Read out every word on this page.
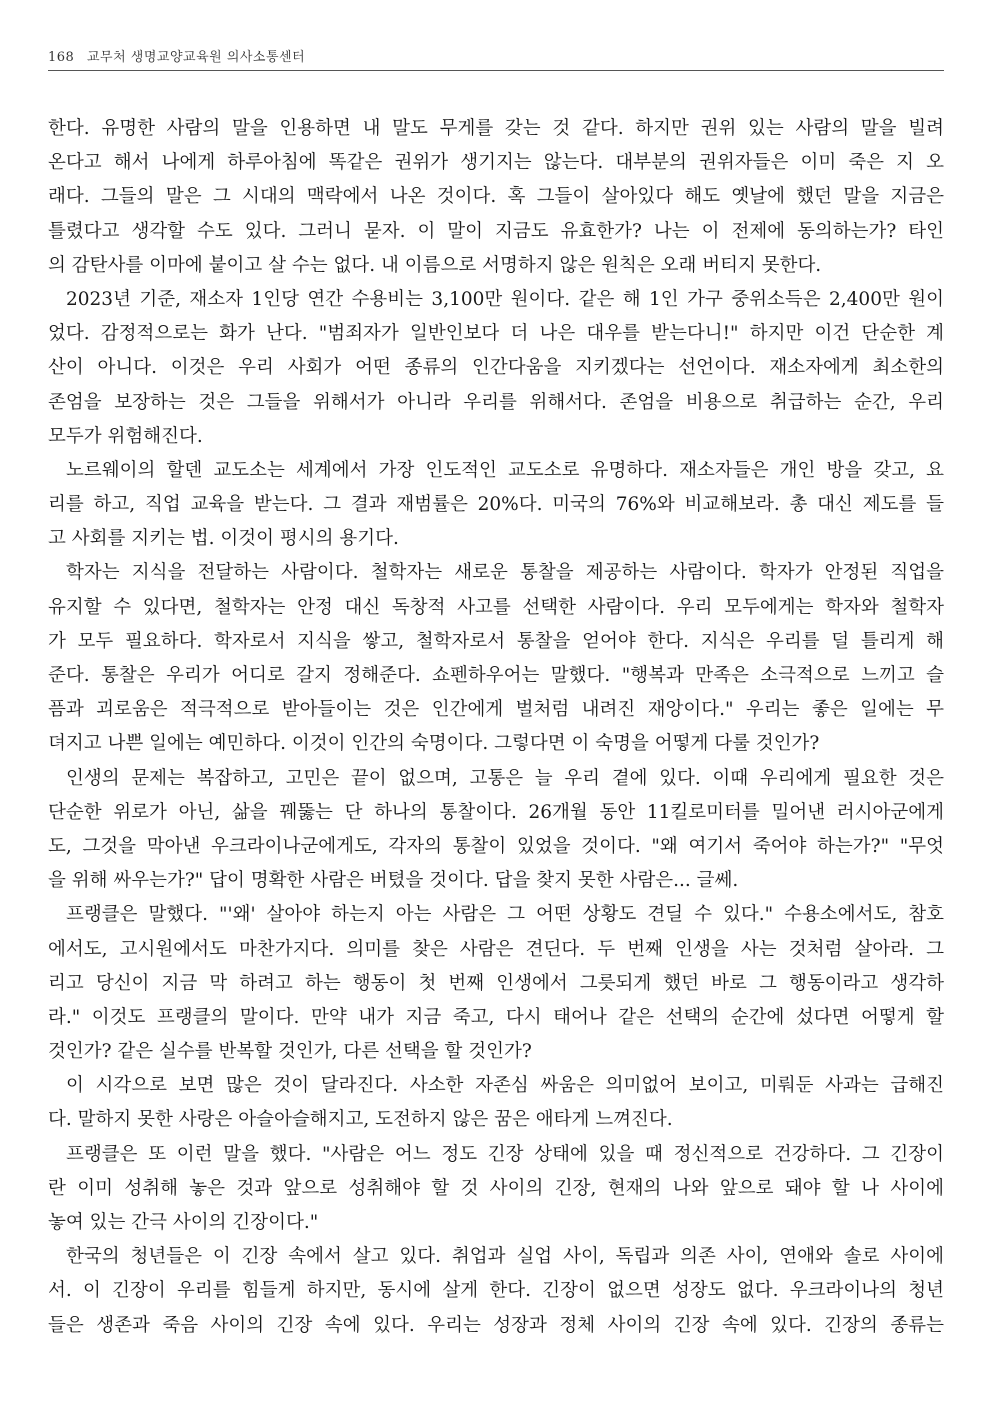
168 교무처 생명교양교육원 의사소통센터
한다. 유명한 사람의 말을 인용하면 내 말도 무게를 갖는 것 같다. 하지만 권위 있는 사람의 말을 빌려
온다고 해서 나에게 하루아침에 똑같은 권위가 생기지는 않는다. 대부분의 권위자들은 이미 죽은 지 오
래다. 그들의 말은 그 시대의 맥락에서 나온 것이다. 혹 그들이 살아있다 해도 옛날에 했던 말을 지금은
틀렸다고 생각할 수도 있다. 그러니 묻자. 이 말이 지금도 유효한가? 나는 이 전제에 동의하는가? 타인
의 감탄사를 이마에 붙이고 살 수는 없다. 내 이름으로 서명하지 않은 원칙은 오래 버티지 못한다.
2023년 기준, 재소자 1인당 연간 수용비는 3,100만 원이다. 같은 해 1인 가구 중위소득은 2,400만 원이
었다. 감정적으로는 화가 난다. "범죄자가 일반인보다 더 나은 대우를 받는다니!" 하지만 이건 단순한 계
산이 아니다. 이것은 우리 사회가 어떤 종류의 인간다움을 지키겠다는 선언이다. 재소자에게 최소한의
존엄을 보장하는 것은 그들을 위해서가 아니라 우리를 위해서다. 존엄을 비용으로 취급하는 순간, 우리
모두가 위험해진다.
노르웨이의 할덴 교도소는 세계에서 가장 인도적인 교도소로 유명하다. 재소자들은 개인 방을 갖고, 요
리를 하고, 직업 교육을 받는다. 그 결과 재범률은 20%다. 미국의 76%와 비교해보라. 총 대신 제도를 들
고 사회를 지키는 법. 이것이 평시의 용기다.
학자는 지식을 전달하는 사람이다. 철학자는 새로운 통찰을 제공하는 사람이다. 학자가 안정된 직업을
유지할 수 있다면, 철학자는 안정 대신 독창적 사고를 선택한 사람이다. 우리 모두에게는 학자와 철학자
가 모두 필요하다. 학자로서 지식을 쌓고, 철학자로서 통찰을 얻어야 한다. 지식은 우리를 덜 틀리게 해
준다. 통찰은 우리가 어디로 갈지 정해준다. 쇼펜하우어는 말했다. "행복과 만족은 소극적으로 느끼고 슬
픔과 괴로움은 적극적으로 받아들이는 것은 인간에게 벌처럼 내려진 재앙이다." 우리는 좋은 일에는 무
뎌지고 나쁜 일에는 예민하다. 이것이 인간의 숙명이다. 그렇다면 이 숙명을 어떻게 다룰 것인가?
인생의 문제는 복잡하고, 고민은 끝이 없으며, 고통은 늘 우리 곁에 있다. 이때 우리에게 필요한 것은
단순한 위로가 아닌, 삶을 꿰뚫는 단 하나의 통찰이다. 26개월 동안 11킬로미터를 밀어낸 러시아군에게
도, 그것을 막아낸 우크라이나군에게도, 각자의 통찰이 있었을 것이다. "왜 여기서 죽어야 하는가?" "무엇
을 위해 싸우는가?" 답이 명확한 사람은 버텼을 것이다. 답을 찾지 못한 사람은... 글쎄.
프랭클은 말했다. "'왜' 살아야 하는지 아는 사람은 그 어떤 상황도 견딜 수 있다." 수용소에서도, 참호
에서도, 고시원에서도 마찬가지다. 의미를 찾은 사람은 견딘다. 두 번째 인생을 사는 것처럼 살아라. 그
리고 당신이 지금 막 하려고 하는 행동이 첫 번째 인생에서 그릇되게 했던 바로 그 행동이라고 생각하
라." 이것도 프랭클의 말이다. 만약 내가 지금 죽고, 다시 태어나 같은 선택의 순간에 섰다면 어떻게 할
것인가? 같은 실수를 반복할 것인가, 다른 선택을 할 것인가?
이 시각으로 보면 많은 것이 달라진다. 사소한 자존심 싸움은 의미없어 보이고, 미뤄둔 사과는 급해진
다. 말하지 못한 사랑은 아슬아슬해지고, 도전하지 않은 꿈은 애타게 느껴진다.
프랭클은 또 이런 말을 했다. "사람은 어느 정도 긴장 상태에 있을 때 정신적으로 건강하다. 그 긴장이
란 이미 성취해 놓은 것과 앞으로 성취해야 할 것 사이의 긴장, 현재의 나와 앞으로 돼야 할 나 사이에
놓여 있는 간극 사이의 긴장이다."
한국의 청년들은 이 긴장 속에서 살고 있다. 취업과 실업 사이, 독립과 의존 사이, 연애와 솔로 사이에
서. 이 긴장이 우리를 힘들게 하지만, 동시에 살게 한다. 긴장이 없으면 성장도 없다. 우크라이나의 청년
들은 생존과 죽음 사이의 긴장 속에 있다. 우리는 성장과 정체 사이의 긴장 속에 있다. 긴장의 종류는
